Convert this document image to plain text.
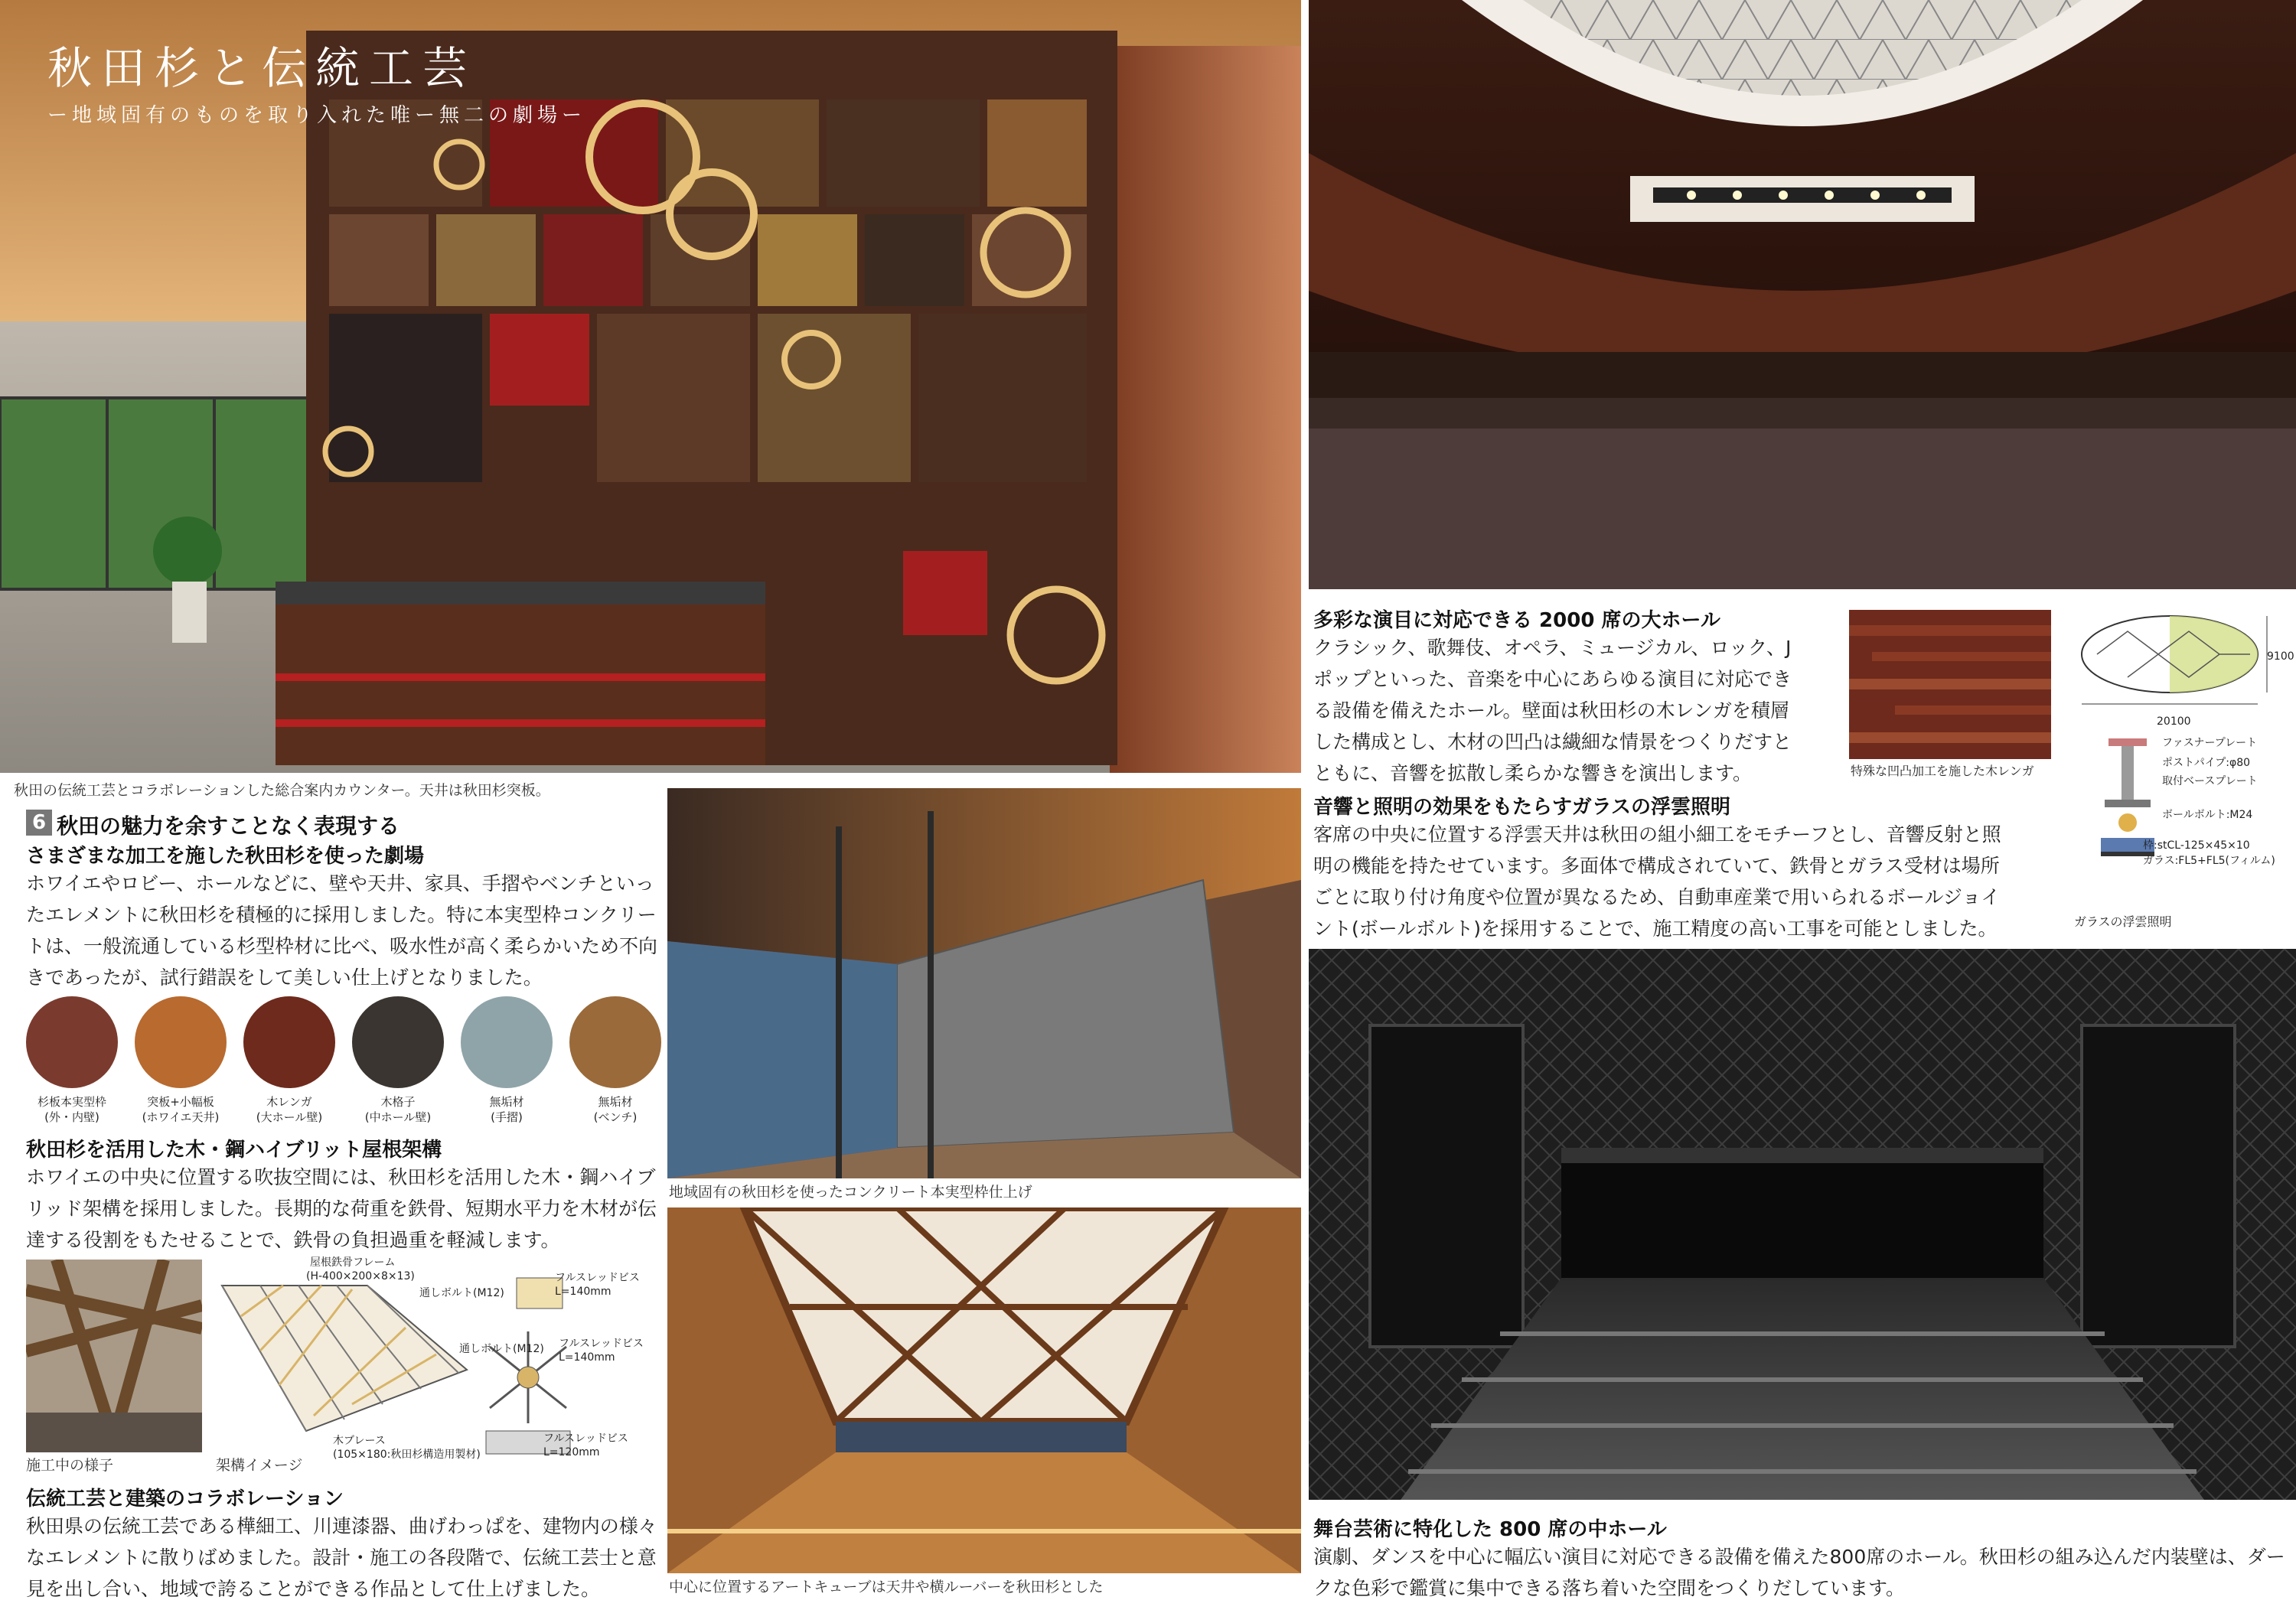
秋田杉と伝統工芸
ー地域固有のものを取り入れた唯ー無二の劇場ー
秋田の伝統工芸とコラボレーションした総合案内カウンター。天井は秋田杉突板。
多彩な演目に対応できる 2000 席の大ホール
クラシック、歌舞伎、オペラ、ミュージカル、ロック、J ポップといった、音楽を中心にあらゆる演目に対応できる設備を備えたホール。壁面は秋田杉の木レンガを積層した構成とし、木材の凹凸は繊細な情景をつくりだすとともに、音響を拡散し柔らかな響きを演出します。	特殊な凹凸加工を施した木レンガ
20100
9100
ファスナープレート
ポストパイプ:φ80
取付ベースプレート
ボールボルト:M24
枠:stCL-125×45×10
ガラス:FL5+FL5(フィルム)
ガラスの浮雲照明
音響と照明の効果をもたらすガラスの浮雲照明
客席の中央に位置する浮雲天井は秋田の組小細工をモチーフとし、音響反射と照明の機能を持たせています。多面体で構成されていて、鉄骨とガラス受材は場所ごとに取り付け角度や位置が異なるため、自動車産業で用いられるボールジョイント(ボールボルト)を採用することで、施工精度の高い工事を可能としました。
舞台芸術に特化した 800 席の中ホール
演劇、ダンスを中心に幅広い演目に対応できる設備を備えた800席のホール。秋田杉の組み込んだ内装壁は、ダークな色彩で鑑賞に集中できる落ち着いた空間をつくりだしています。
地域固有の秋田杉を使ったコンクリート本実型枠仕上げ
中心に位置するアートキューブは天井や横ルーバーを秋田杉とした
6 秋田の魅力を余すことなく表現する
さまざまな加工を施した秋田杉を使った劇場
ホワイエやロビー、ホールなどに、壁や天井、家具、手摺やベンチといったエレメントに秋田杉を積極的に採用しました。特に本実型枠コンクリートは、一般流通している杉型枠材に比べ、吸水性が高く柔らかいため不向きであったが、試行錯誤をして美しい仕上げとなりました。
杉板本実型枠
(外・内壁)
突板+小幅板
(ホワイエ天井)
木レンガ
(大ホール壁)
木格子
(中ホール壁)
無垢材
(手摺)
無垢材
(ベンチ)
秋田杉を活用した木・鋼ハイブリット屋根架構
ホワイエの中央に位置する吹抜空間には、秋田杉を活用した木・鋼ハイブリッド架構を採用しました。長期的な荷重を鉄骨、短期水平力を木材が伝達する役割をもたせることで、鉄骨の負担過重を軽減します。
施工中の様子
屋根鉄骨フレーム
(H-400×200×8×13)
通しボルト(M12)
フルスレッドビス
L=140mm
通しボルト(M12) フルスレッドビス
L=140mm
木ブレース
(105×180:秋田杉構造用製材)
フルスレッドビス
L=120mm
架構イメージ
伝統工芸と建築のコラボレーション
秋田県の伝統工芸である樺細工、川連漆器、曲げわっぱを、建物内の様々なエレメントに散りばめました。設計・施工の各段階で、伝統工芸士と意見を出し合い、地域で誇ることができる作品として仕上げました。
